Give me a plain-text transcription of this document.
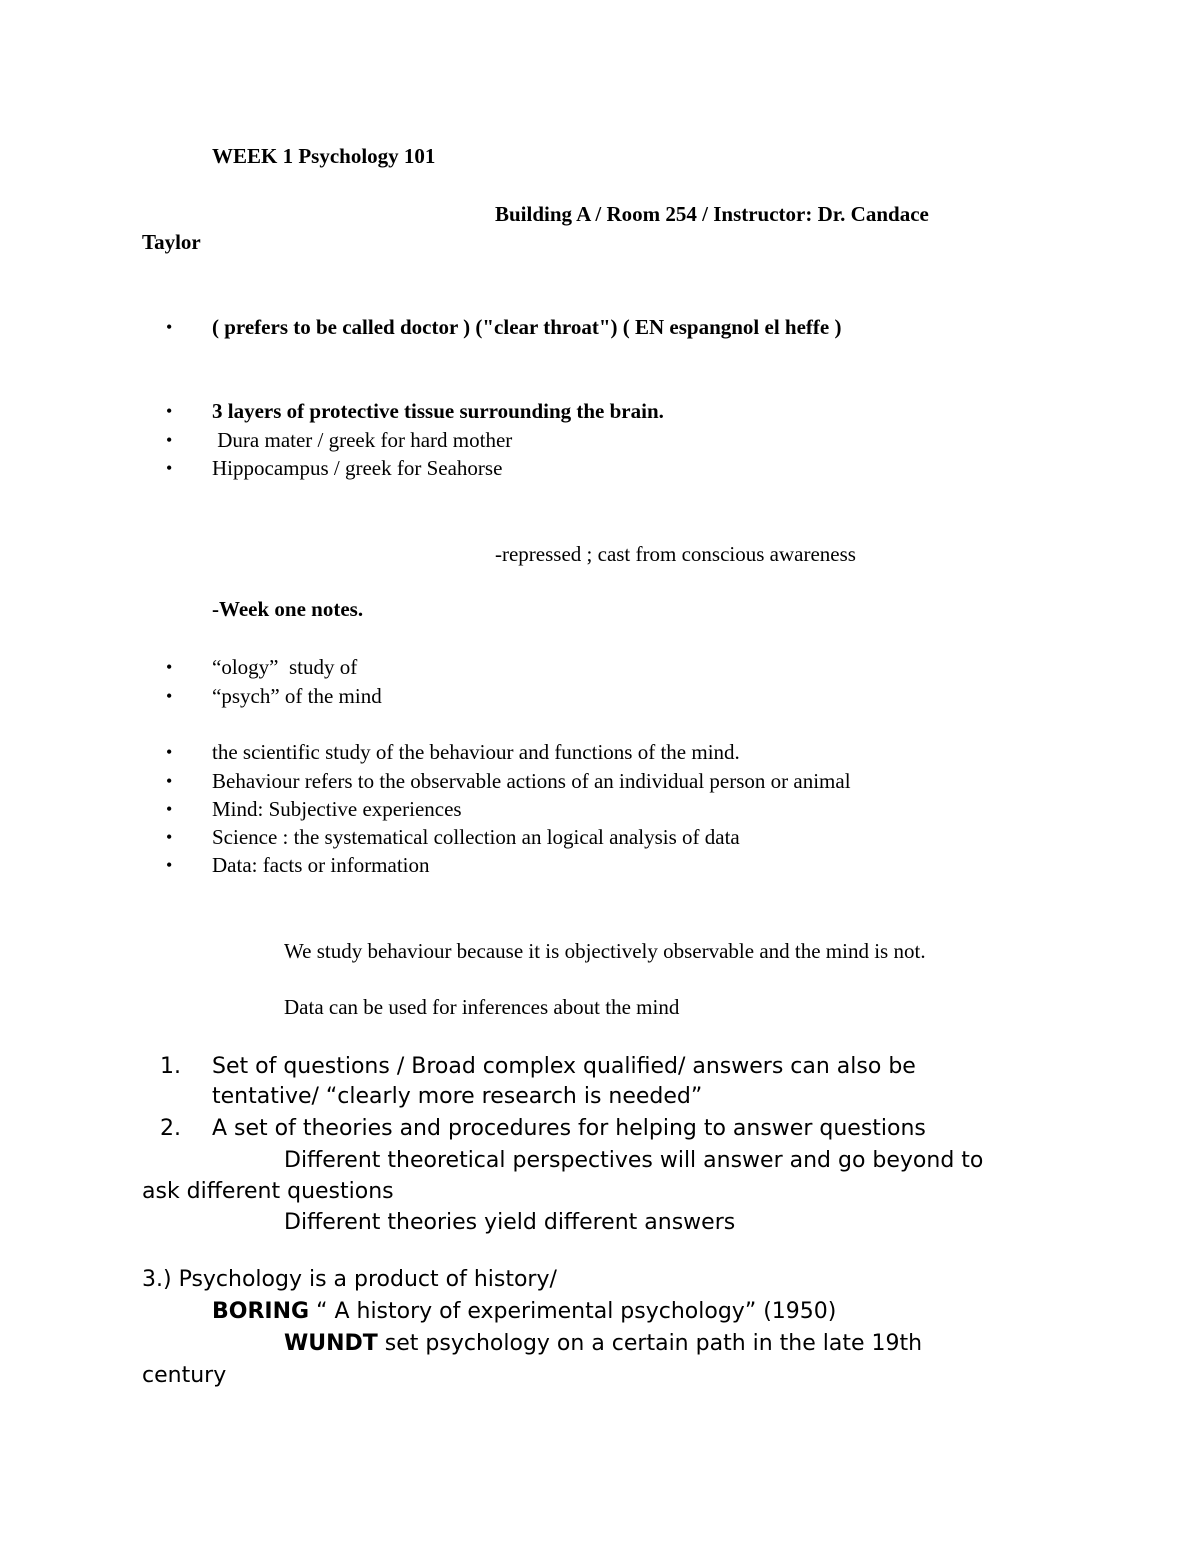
WEEK 1 Psychology 101
Building A / Room 254 / Instructor: Dr. Candace
Taylor
• ( prefers to be called doctor ) ("clear throat") ( EN espangnol el heffe )
• 3 layers of protective tissue surrounding the brain.
• Dura mater / greek for hard mother
• Hippocampus / greek for Seahorse
-repressed ; cast from conscious awareness
-Week one notes.
• “ology”  study of
• “psych” of the mind
• the scientific study of the behaviour and functions of the mind.
• Behaviour refers to the observable actions of an individual person or animal
• Mind: Subjective experiences
• Science : the systematical collection an logical analysis of data
• Data: facts or information
We study behaviour because it is objectively observable and the mind is not.
Data can be used for inferences about the mind
1. Set of questions / Broad complex qualified/ answers can also be
tentative/ “clearly more research is needed”
2. A set of theories and procedures for helping to answer questions
Different theoretical perspectives will answer and go beyond to
ask different questions
Different theories yield different answers
3.) Psychology is a product of history/
BORING “ A history of experimental psychology” (1950)
WUNDT set psychology on a certain path in the late 19th
century
